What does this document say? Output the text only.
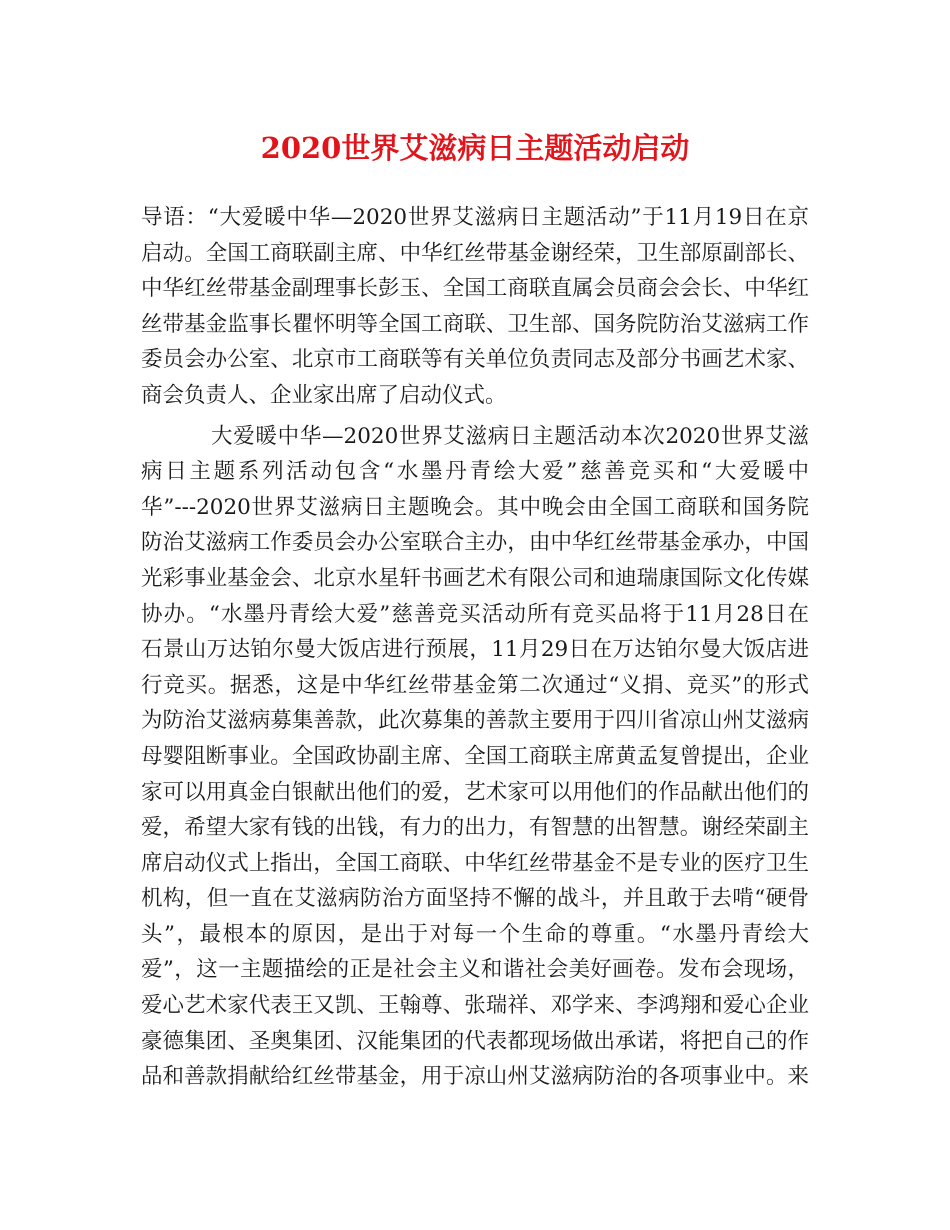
2020世界艾滋病日主题活动启动
导语：“大爱暖中华—2020世界艾滋病日主题活动”于11月19日在京
启动。全国工商联副主席、中华红丝带基金谢经荣，卫生部原副部长、
中华红丝带基金副理事长彭玉、全国工商联直属会员商会会长、中华红
丝带基金监事长瞿怀明等全国工商联、卫生部、国务院防治艾滋病工作
委员会办公室、北京市工商联等有关单位负责同志及部分书画艺术家、
商会负责人、企业家出席了启动仪式。
大爱暖中华—2020世界艾滋病日主题活动本次2020世界艾滋
病日主题系列活动包含“水墨丹青绘大爱”慈善竞买和“大爱暖中
华”---2020世界艾滋病日主题晚会。其中晚会由全国工商联和国务院
防治艾滋病工作委员会办公室联合主办，由中华红丝带基金承办，中国
光彩事业基金会、北京水星轩书画艺术有限公司和迪瑞康国际文化传媒
协办。“水墨丹青绘大爱”慈善竞买活动所有竞买品将于11月28日在
石景山万达铂尔曼大饭店进行预展，11月29日在万达铂尔曼大饭店进
行竞买。据悉，这是中华红丝带基金第二次通过“义捐、竞买”的形式
为防治艾滋病募集善款，此次募集的善款主要用于四川省凉山州艾滋病
母婴阻断事业。全国政协副主席、全国工商联主席黄孟复曾提出，企业
家可以用真金白银献出他们的爱，艺术家可以用他们的作品献出他们的
爱，希望大家有钱的出钱，有力的出力，有智慧的出智慧。谢经荣副主
席启动仪式上指出，全国工商联、中华红丝带基金不是专业的医疗卫生
机构，但一直在艾滋病防治方面坚持不懈的战斗，并且敢于去啃“硬骨
头”，最根本的原因，是出于对每一个生命的尊重。“水墨丹青绘大
爱”，这一主题描绘的正是社会主义和谐社会美好画卷。发布会现场，
爱心艺术家代表王又凯、王翰尊、张瑞祥、邓学来、李鸿翔和爱心企业
豪德集团、圣奥集团、汉能集团的代表都现场做出承诺，将把自己的作
品和善款捐献给红丝带基金，用于凉山州艾滋病防治的各项事业中。来
